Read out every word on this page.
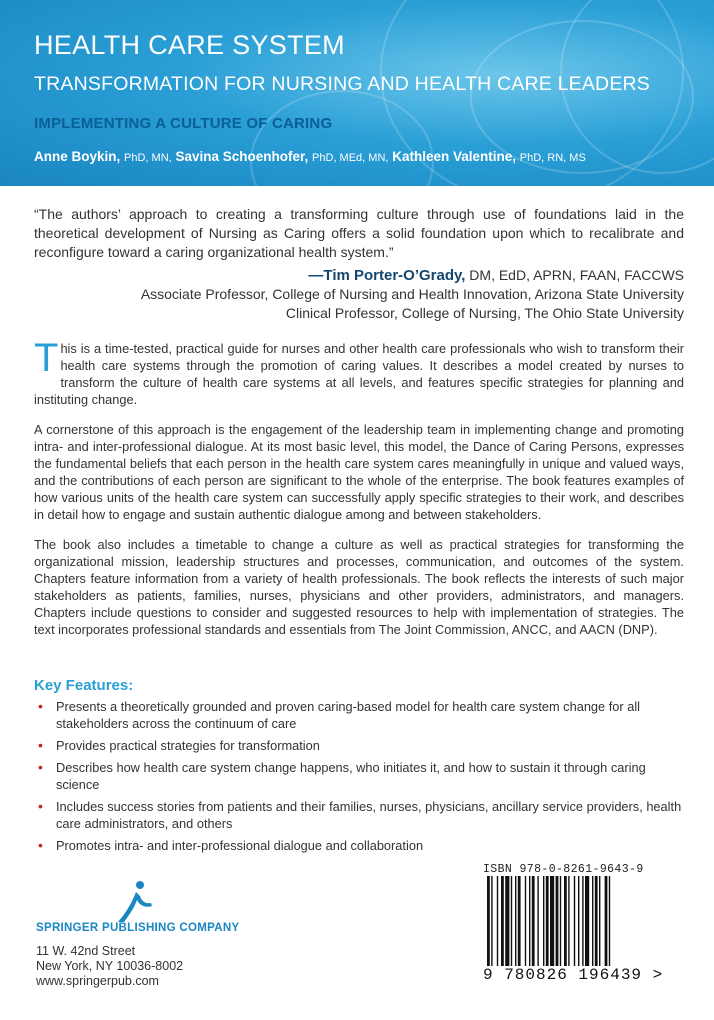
HEALTH CARE SYSTEM
TRANSFORMATION FOR NURSING AND HEALTH CARE LEADERS
IMPLEMENTING A CULTURE OF CARING
Anne Boykin, PhD, MN, Savina Schoenhofer, PhD, MEd, MN, Kathleen Valentine, PhD, RN, MS
“The authors’ approach to creating a transforming culture through use of foundations laid in the theoretical development of Nursing as Caring offers a solid foundation upon which to recalibrate and reconfigure toward a caring organizational health system.”
—Tim Porter-O’Grady, DM, EdD, APRN, FAAN, FACCWS
Associate Professor, College of Nursing and Health Innovation, Arizona State University
Clinical Professor, College of Nursing, The Ohio State University

This is a time-tested, practical guide for nurses and other health care professionals who wish to transform their health care systems through the promotion of caring values. It describes a model created by nurses to transform the culture of health care systems at all levels, and features specific strategies for planning and instituting change.

A cornerstone of this approach is the engagement of the leadership team in implementing change and promoting intra- and inter-professional dialogue. At its most basic level, this model, the Dance of Caring Persons, expresses the fundamental beliefs that each person in the health care system cares meaningfully in unique and valued ways, and the contributions of each person are significant to the whole of the enterprise. The book features examples of how various units of the health care system can successfully apply specific strategies to their work, and describes in detail how to engage and sustain authentic dialogue among and between stakeholders.

The book also includes a timetable to change a culture as well as practical strategies for transforming the organizational mission, leadership structures and processes, communication, and outcomes of the system. Chapters feature information from a variety of health professionals. The book reflects the interests of such major stakeholders as patients, families, nurses, physicians and other providers, administrators, and managers. Chapters include questions to consider and suggested resources to help with implementation of strategies. The text incorporates professional standards and essentials from The Joint Commission, ANCC, and AACN (DNP).

Key Features:
• Presents a theoretically grounded and proven caring-based model for health care system change for all stakeholders across the continuum of care
• Provides practical strategies for transformation
• Describes how health care system change happens, who initiates it, and how to sustain it through caring science
• Includes success stories from patients and their families, nurses, physicians, ancillary service providers, health care administrators, and others
• Promotes intra- and inter-professional dialogue and collaboration
SPRINGER PUBLISHING COMPANY
11 W. 42nd Street
New York, NY 10036-8002
www.springerpub.com
ISBN 978-0-8261-9643-9
9 780826 196439 >
